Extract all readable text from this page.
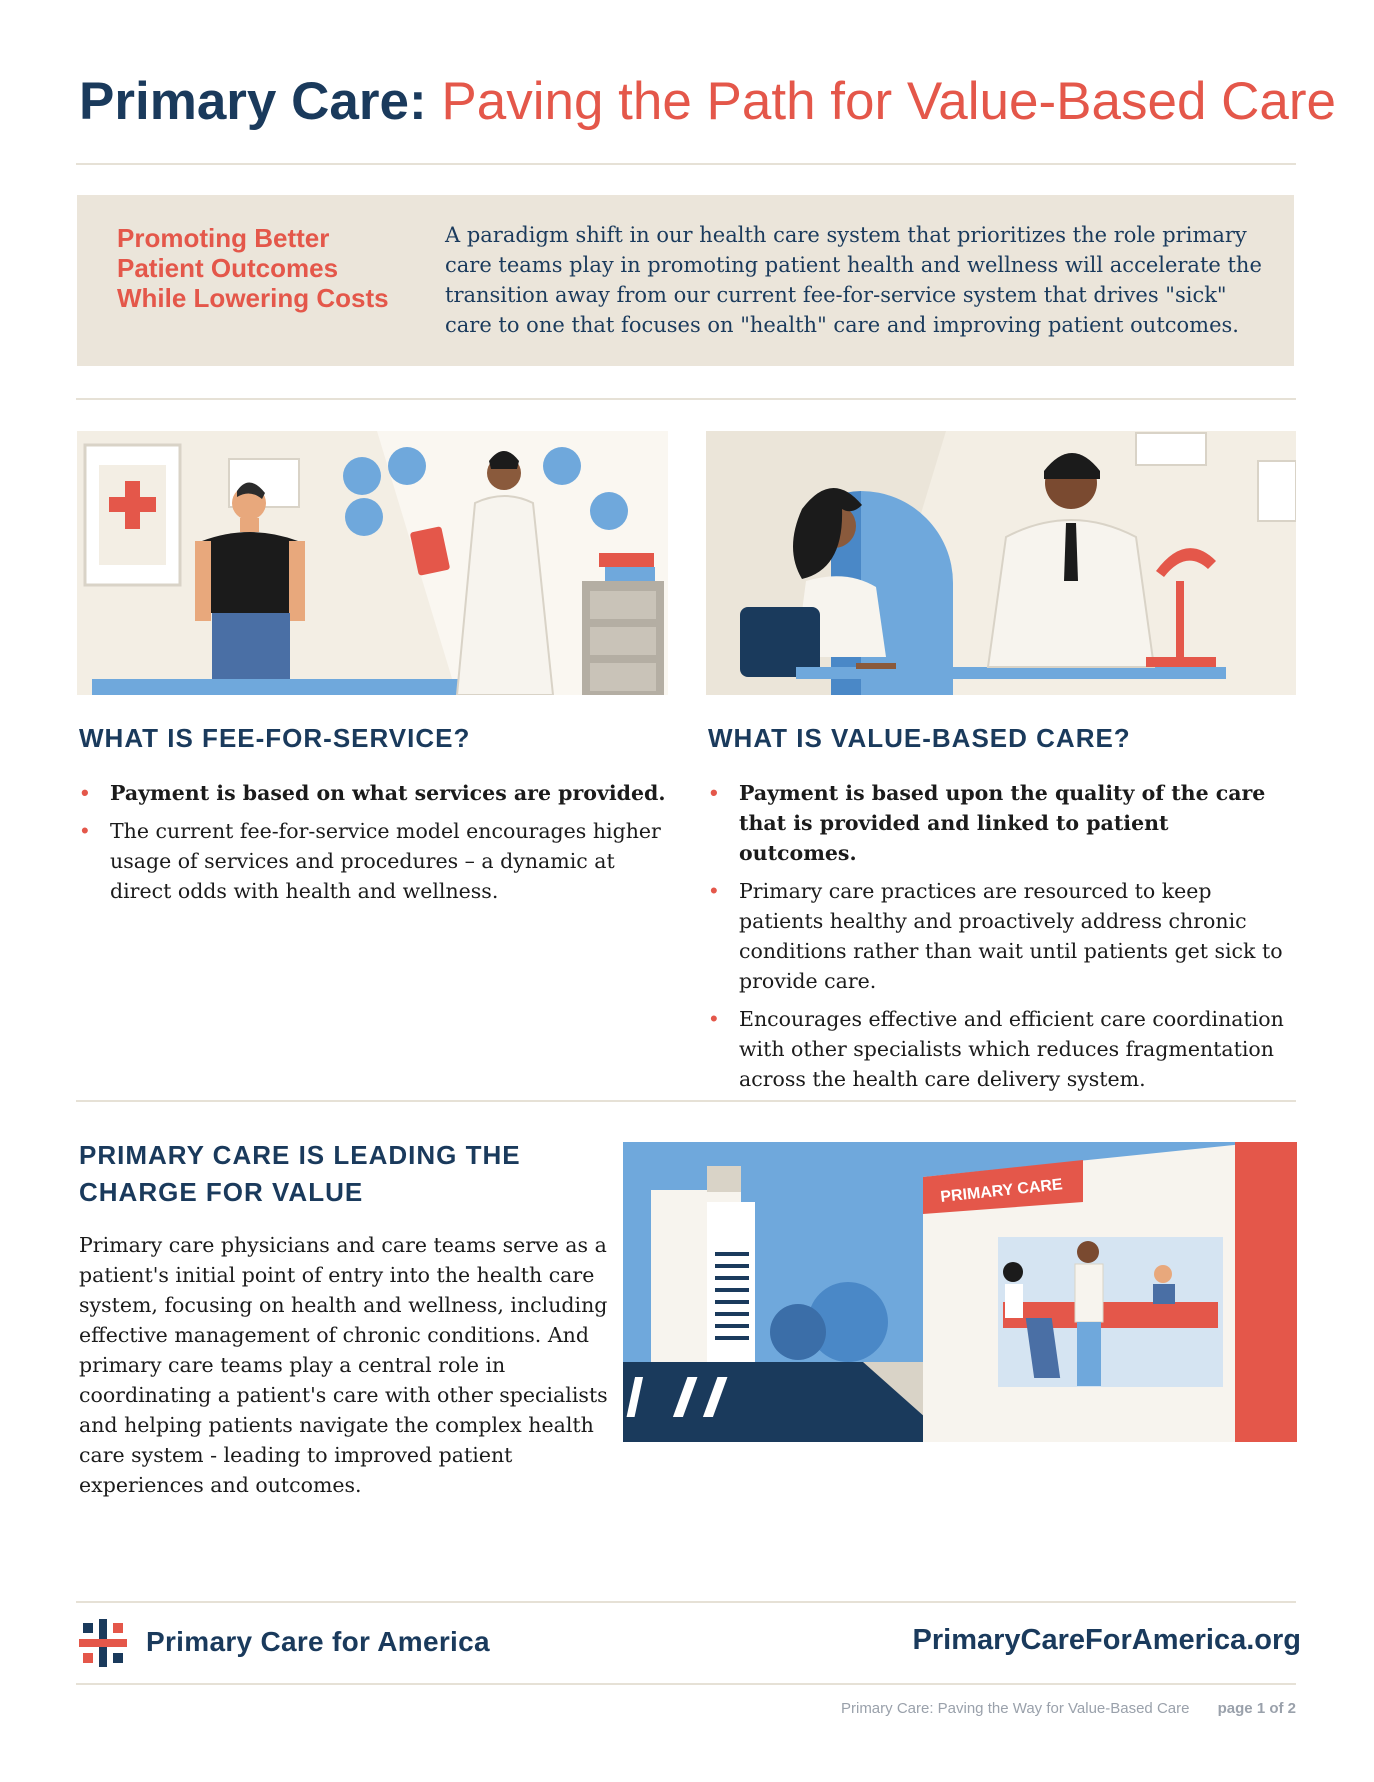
Primary Care: Paving the Path for Value-Based Care
Promoting Better Patient Outcomes While Lowering Costs
A paradigm shift in our health care system that prioritizes the role primary care teams play in promoting patient health and wellness will accelerate the transition away from our current fee-for-service system that drives "sick" care to one that focuses on "health" care and improving patient outcomes.
WHAT IS FEE-FOR-SERVICE?	WHAT IS VALUE-BASED CARE?
• Payment is based on what services are provided.
• The current fee-for-service model encourages higher usage of services and procedures – a dynamic at direct odds with health and wellness.
• Payment is based upon the quality of the care that is provided and linked to patient outcomes.
• Primary care practices are resourced to keep patients healthy and proactively address chronic conditions rather than wait until patients get sick to provide care.
• Encourages effective and efficient care coordination with other specialists which reduces fragmentation across the health care delivery system.
PRIMARY CARE IS LEADING THE CHARGE FOR VALUE
Primary care physicians and care teams serve as a patient's initial point of entry into the health care system, focusing on health and wellness, including effective management of chronic conditions. And primary care teams play a central role in coordinating a patient's care with other specialists and helping patients navigate the complex health care system - leading to improved patient experiences and outcomes.
PRIMARY CARE
Primary Care for America	PrimaryCareForAmerica.org
Primary Care: Paving the Way for Value-Based Care page 1 of 2
